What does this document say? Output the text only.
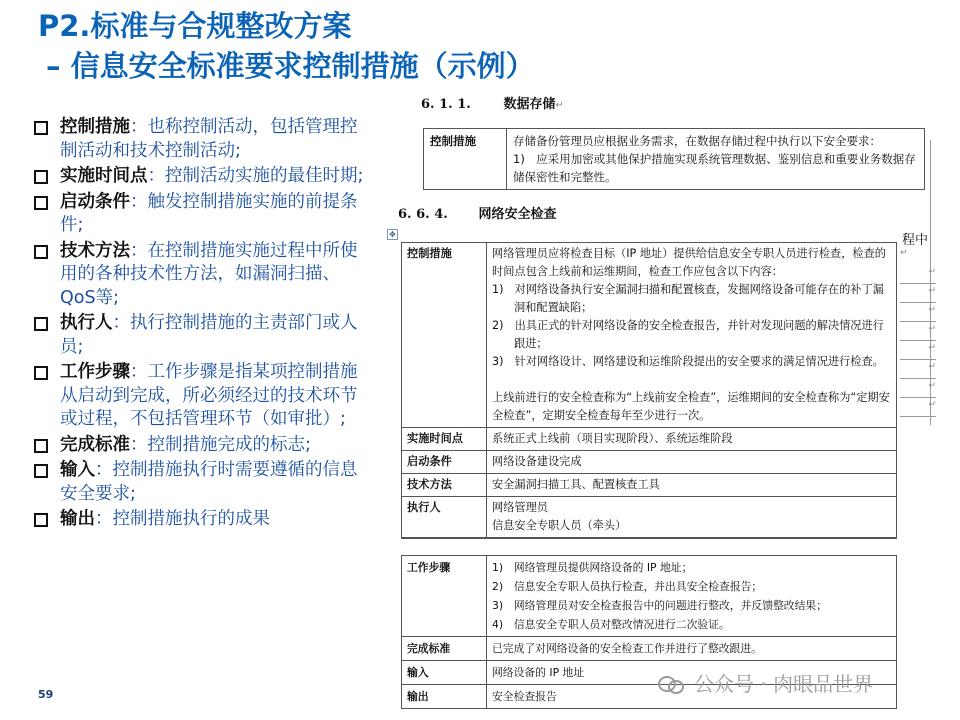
P2.标准与合规整改方案
– 信息安全标准要求控制措施（示例）
控制措施：也称控制活动，包括管理控制活动和技术控制活动;
实施时间点：控制活动实施的最佳时期;
启动条件：触发控制措施实施的前提条件;
技术方法：在控制措施实施过程中所使用的各种技术性方法，如漏洞扫描、QoS等;
执行人：执行控制措施的主责部门或人员;
工作步骤：工作步骤是指某项控制措施从启动到完成，所必须经过的技术环节或过程，不包括管理环节（如审批）;
完成标准：控制措施完成的标志;
输入：控制措施执行时需要遵循的信息安全要求;
输出：控制措施执行的成果
6. 1. 1.	数据存储↵
控制措施	存储备份管理员应根据业务需求，在数据存储过程中执行以下安全要求：
1)　应采用加密或其他保护措施实现系统管理数据、鉴别信息和重要业务数据存储保密性和完整性。
6. 6. 4. 网络安全检查
✥	程中
↵
控制措施	网络管理员应将检查目标（IP 地址）提供给信息安全专职人员进行检查，检查的时间点包含上线前和运维期间，检查工作应包含以下内容：
1)　对网络设备执行安全漏洞扫描和配置核查，发掘网络设备可能存在的补丁漏洞和配置缺陷；
2)　出具正式的针对网络设备的安全检查报告，并针对发现问题的解决情况进行跟进；
3)　针对网络设计、网络建设和运维阶段提出的安全要求的满足情况进行检查。
上线前进行的安全检查称为“上线前安全检查”，运维期间的安全检查称为“定期安全检查”，定期安全检查每年至少进行一次。

实施时间点	系统正式上线前（项目实现阶段）、系统运维阶段
启动条件	网络设备建设完成
技术方法	安全漏洞扫描工具、配置核查工具
执行人	网络管理员
信息安全专职人员（牵头）
↵
↵
↵
↵
↵
↵
↵
↵
工作步骤	1)　网络管理员提供网络设备的 IP 地址；
2)　信息安全专职人员执行检查，并出具安全检查报告；
3)　网络管理员对安全检查报告中的问题进行整改，并反馈整改结果；
4)　信息安全专职人员对整改情况进行二次验证。

完成标准	已完成了对网络设备的安全检查工作并进行了整改跟进。
输入	网络设备的 IP 地址
输出	安全检查报告
公众号 · 肉眼品世界
59
